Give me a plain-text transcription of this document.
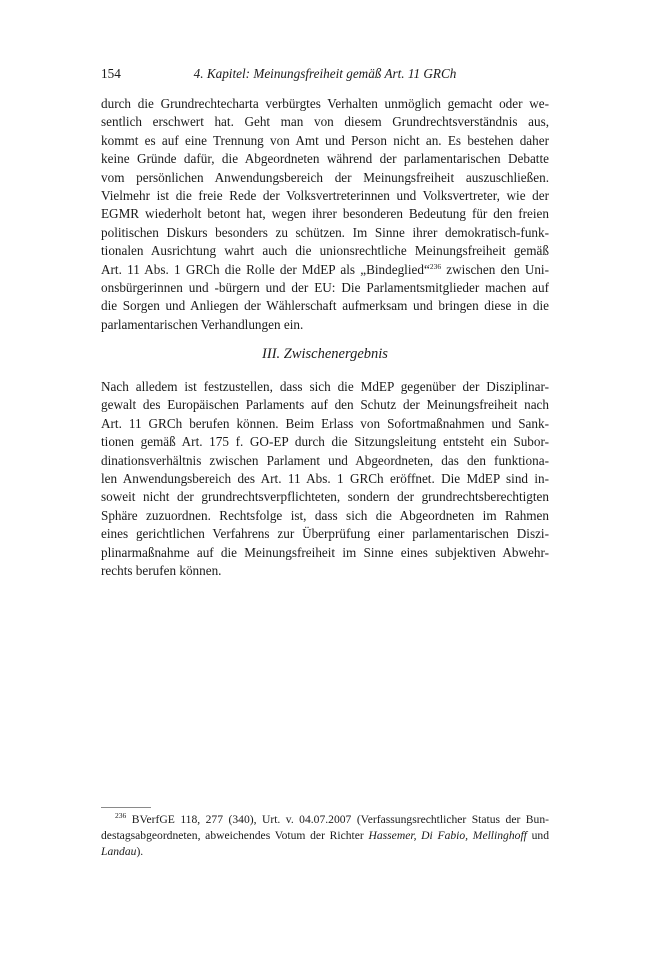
154	4. Kapitel: Meinungsfreiheit gemäß Art. 11 GRCh

durch die Grundrechtecharta verbürgtes Verhalten unmöglich gemacht oder we-
sentlich erschwert hat. Geht man von diesem Grundrechtsverständnis aus,
kommt es auf eine Trennung von Amt und Person nicht an. Es bestehen daher
keine Gründe dafür, die Abgeordneten während der parlamentarischen Debatte
vom persönlichen Anwendungsbereich der Meinungsfreiheit auszuschließen.
Vielmehr ist die freie Rede der Volksvertreterinnen und Volksvertreter, wie der
EGMR wiederholt betont hat, wegen ihrer besonderen Bedeutung für den freien
politischen Diskurs besonders zu schützen. Im Sinne ihrer demokratisch-funk-
tionalen Ausrichtung wahrt auch die unionsrechtliche Meinungsfreiheit gemäß
Art. 11 Abs. 1 GRCh die Rolle der MdEP als „Bindeglied“$^{236}$ zwischen den Uni-
onsbürgerinnen und -bürgern und der EU: Die Parlamentsmitglieder machen auf
die Sorgen und Anliegen der Wählerschaft aufmerksam und bringen diese in die
parlamentarischen Verhandlungen ein.

III. Zwischenergebnis

Nach alledem ist festzustellen, dass sich die MdEP gegenüber der Disziplinar-
gewalt des Europäischen Parlaments auf den Schutz der Meinungsfreiheit nach
Art. 11 GRCh berufen können. Beim Erlass von Sofortmaßnahmen und Sank-
tionen gemäß Art. 175 f. GO-EP durch die Sitzungsleitung entsteht ein Subor-
dinationsverhältnis zwischen Parlament und Abgeordneten, das den funktiona-
len Anwendungsbereich des Art. 11 Abs. 1 GRCh eröffnet. Die MdEP sind in-
soweit nicht der grundrechtsverpflichteten, sondern der grundrechtsberechtigten
Sphäre zuzuordnen. Rechtsfolge ist, dass sich die Abgeordneten im Rahmen
eines gerichtlichen Verfahrens zur Überprüfung einer parlamentarischen Diszi-
plinarmaßnahme auf die Meinungsfreiheit im Sinne eines subjektiven Abwehr-
rechts berufen können.

$^{236}$ BVerfGE 118, 277 (340), Urt. v. 04.07.2007 (Verfassungsrechtlicher Status der Bun-
destagsabgeordneten, abweichendes Votum der Richter Hassemer, Di Fabio, Mellinghoff und
Landau).
